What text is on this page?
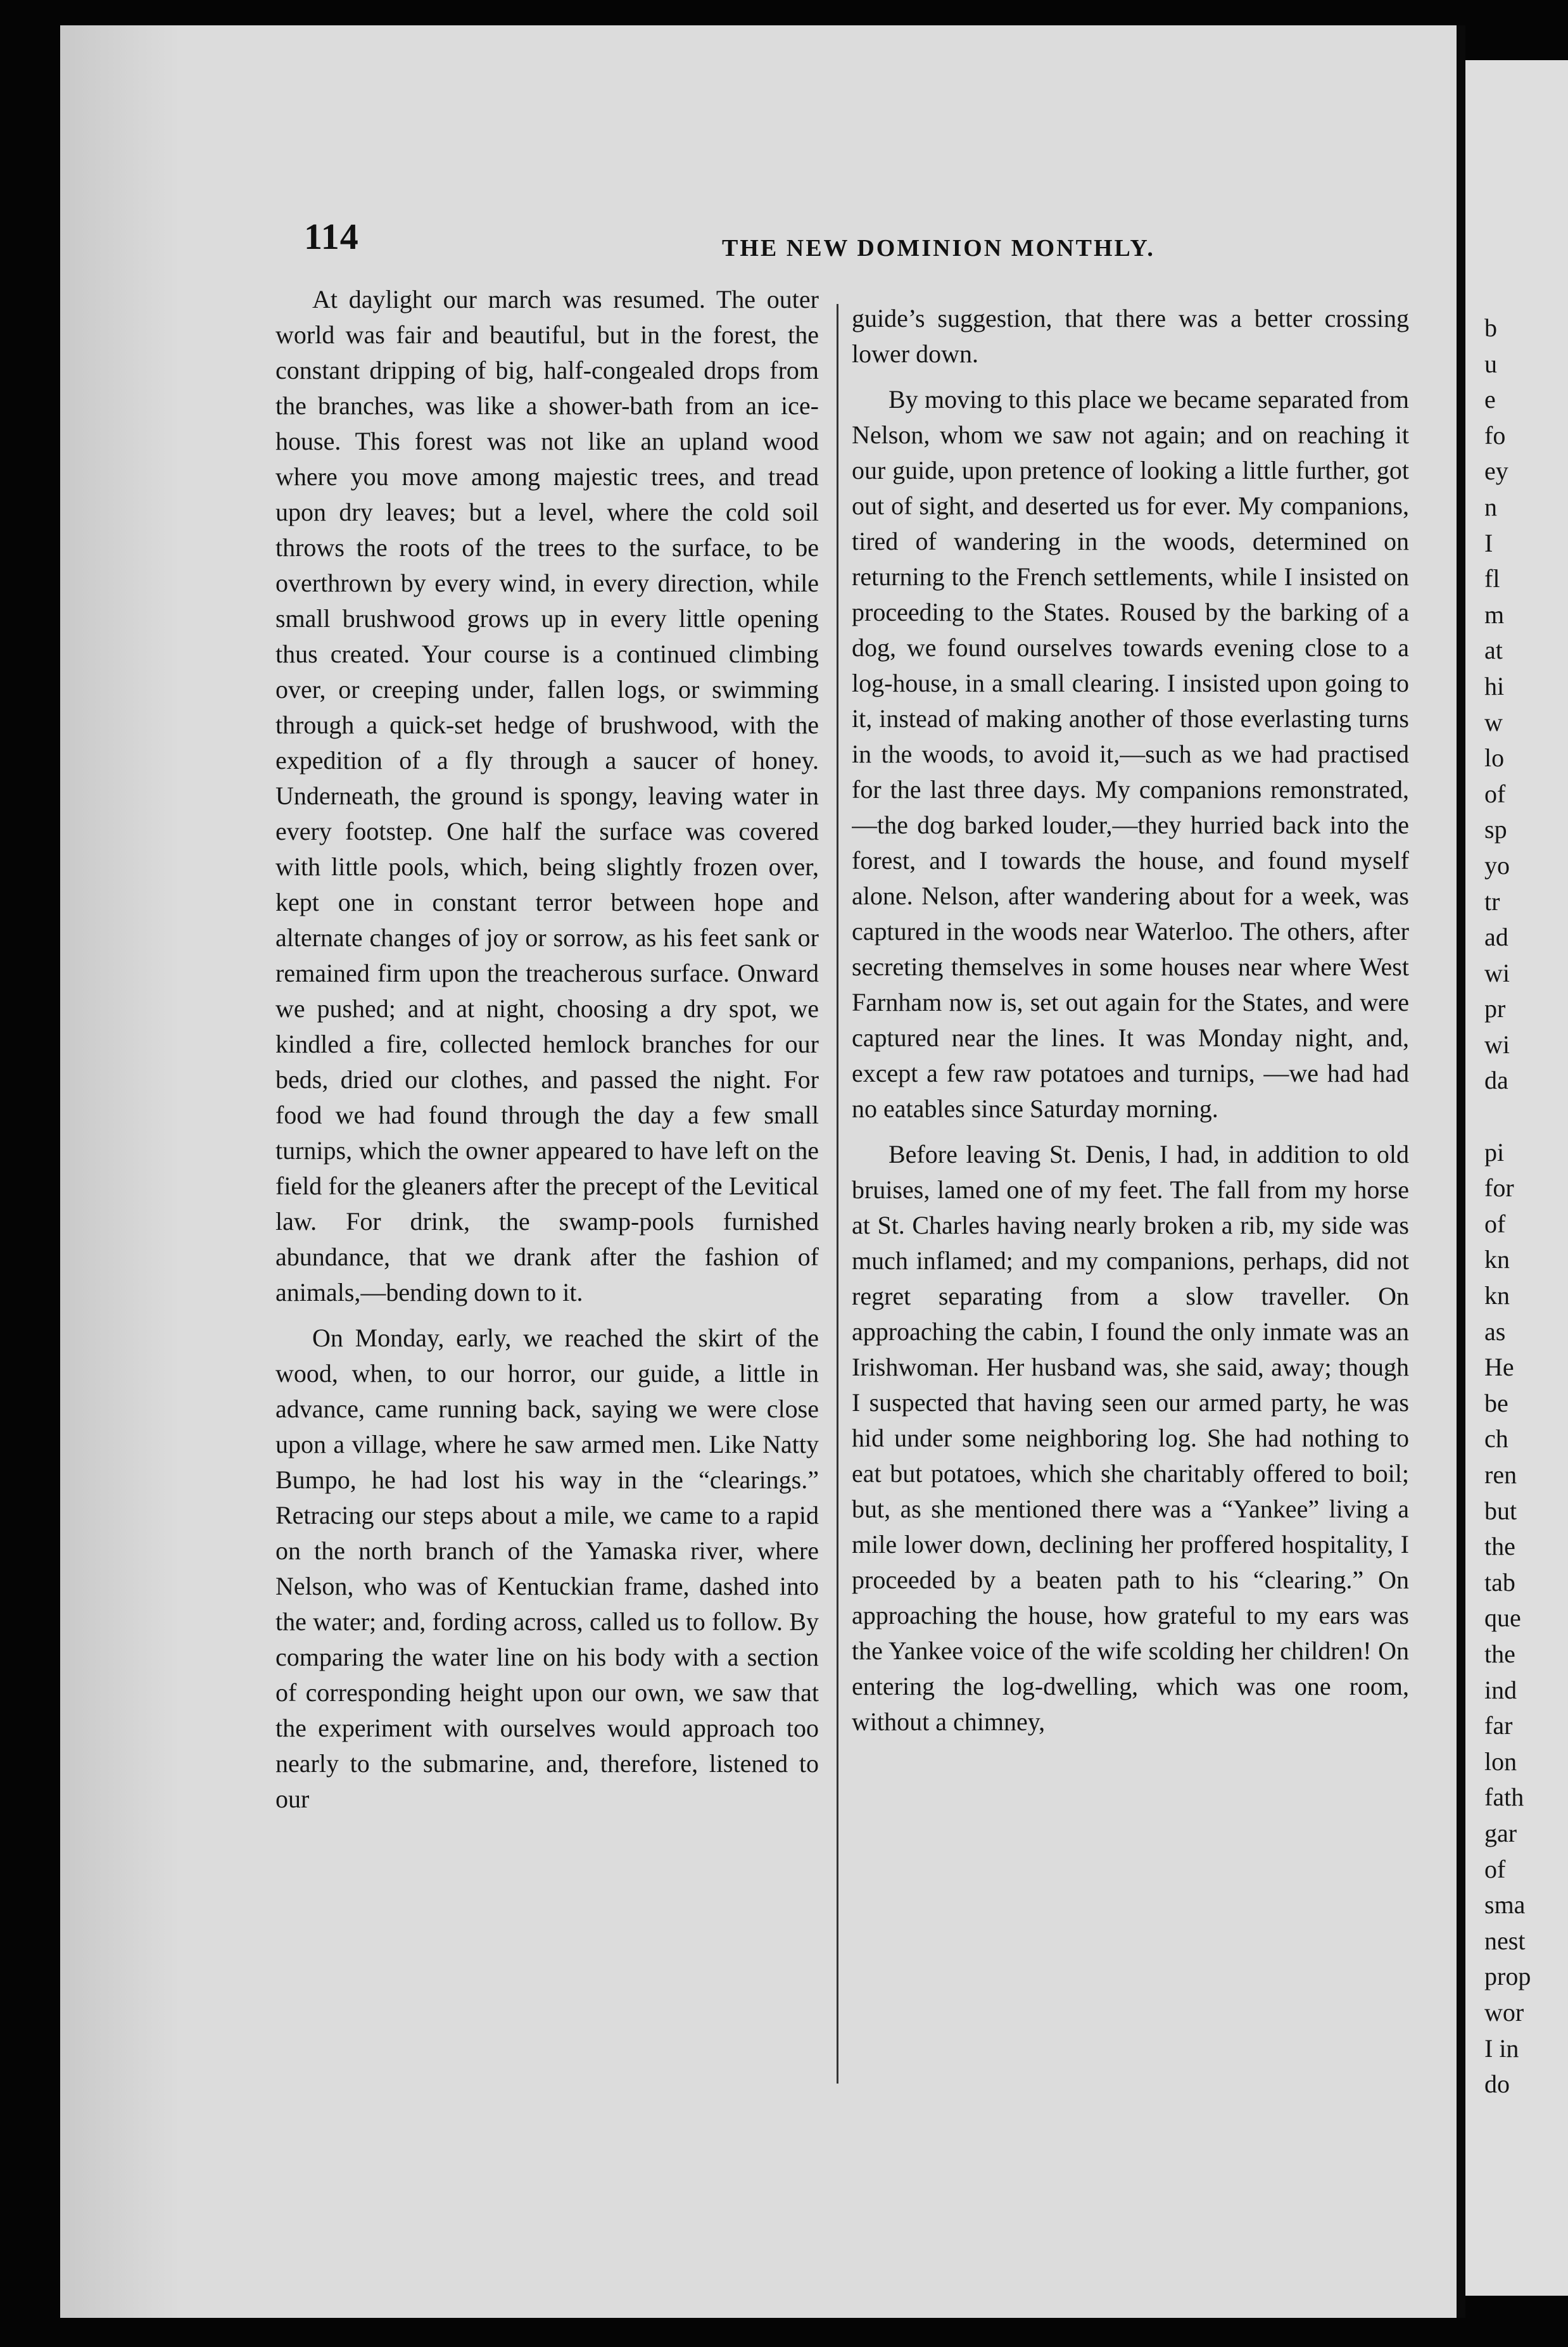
114	THE NEW DOMINION MONTHLY.

At daylight our march was resumed. The outer world was fair and beautiful, but in the forest, the constant dripping of big, half-congealed drops from the branches, was like a shower-bath from an ice-house. This forest was not like an upland wood where you move among majestic trees, and tread upon dry leaves; but a level, where the cold soil throws the roots of the trees to the surface, to be overthrown by every wind, in every direction, while small brushwood grows up in every little opening thus created. Your course is a continued climbing over, or creeping under, fallen logs, or swimming through a quick-set hedge of brushwood, with the expedition of a fly through a saucer of honey. Underneath, the ground is spongy, leaving water in every footstep. One half the surface was covered with little pools, which, being slightly frozen over, kept one in constant terror between hope and alternate changes of joy or sorrow, as his feet sank or remained firm upon the treacherous surface. Onward we pushed; and at night, choosing a dry spot, we kindled a fire, collected hemlock branches for our beds, dried our clothes, and passed the night. For food we had found through the day a few small turnips, which the owner appeared to have left on the field for the gleaners after the precept of the Levitical law. For drink, the swamp-pools furnished abundance, that we drank after the fashion of animals,—bending down to it.

On Monday, early, we reached the skirt of the wood, when, to our horror, our guide, a little in advance, came running back, saying we were close upon a village, where he saw armed men. Like Natty Bumpo, he had lost his way in the “clearings.” Retracing our steps about a mile, we came to a rapid on the north branch of the Yamaska river, where Nelson, who was of Kentuckian frame, dashed into the water; and, fording across, called us to follow. By comparing the water line on his body with a section of corresponding height upon our own, we saw that the experiment with ourselves would approach too nearly to the submarine, and, therefore, listened to our

guide’s suggestion, that there was a better crossing lower down.

By moving to this place we became separated from Nelson, whom we saw not again; and on reaching it our guide, upon pretence of looking a little further, got out of sight, and deserted us for ever. My companions, tired of wandering in the woods, determined on returning to the French settlements, while I insisted on proceeding to the States. Roused by the barking of a dog, we found ourselves towards evening close to a log-house, in a small clearing. I insisted upon going to it, instead of making another of those everlasting turns in the woods, to avoid it,—such as we had practised for the last three days. My companions remonstrated,—the dog barked louder,—they hurried back into the forest, and I towards the house, and found myself alone. Nelson, after wandering about for a week, was captured in the woods near Waterloo. The others, after secreting themselves in some houses near where West Farnham now is, set out again for the States, and were captured near the lines. It was Monday night, and, except a few raw potatoes and turnips, —we had had no eatables since Saturday morning.

Before leaving St. Denis, I had, in addition to old bruises, lamed one of my feet. The fall from my horse at St. Charles having nearly broken a rib, my side was much inflamed; and my companions, perhaps, did not regret separating from a slow traveller. On approaching the cabin, I found the only inmate was an Irishwoman. Her husband was, she said, away; though I suspected that having seen our armed party, he was hid under some neighboring log. She had nothing to eat but potatoes, which she charitably offered to boil; but, as she mentioned there was a “Yankee” living a mile lower down, declining her proffered hospitality, I proceeded by a beaten path to his “clearing.” On approaching the house, how grateful to my ears was the Yankee voice of the wife scolding her children! On entering the log-dwelling, which was one room, without a chimney,

b
u
e
fo
ey
n
I
fl
m
at
hi
w
lo
of
sp
yo
tr
ad
wi
pr
wi
da

pi
for
of
kn
kn
as
He
be
ch
ren
but
the
tab
que
the
ind
far
lon
fath
gar
of
sma
nest
prop
wor
I in
do
